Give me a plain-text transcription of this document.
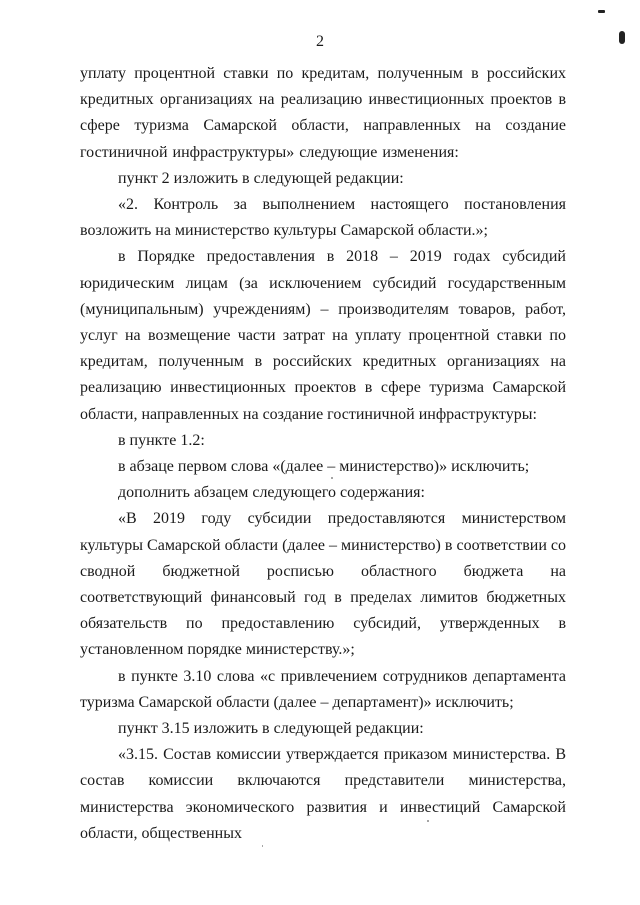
2

уплату процентной ставки по кредитам, полученным в российских кредитных организациях на реализацию инвестиционных проектов в сфере туризма Самарской области, направленных на создание гостиничной инфраструктуры» следующие изменения:

пункт 2 изложить в следующей редакции:

«2. Контроль за выполнением настоящего постановления возложить на министерство культуры Самарской области.»;

в Порядке предоставления в 2018 – 2019 годах субсидий юридическим лицам (за исключением субсидий государственным (муниципальным) учреждениям) – производителям товаров, работ, услуг на возмещение части затрат на уплату процентной ставки по кредитам, полученным в российских кредитных организациях на реализацию инвестиционных проектов в сфере туризма Самарской области, направленных на создание гостиничной инфраструктуры:

в пункте 1.2:

в абзаце первом слова «(далее – министерство)» исключить;

дополнить абзацем следующего содержания:

«В 2019 году субсидии предоставляются министерством культуры Самарской области (далее – министерство) в соответствии со сводной бюджетной росписью областного бюджета на соответствующий финансовый год в пределах лимитов бюджетных обязательств по предоставлению субсидий, утвержденных в установленном порядке министерству.»;

в пункте 3.10 слова «с привлечением сотрудников департамента туризма Самарской области (далее – департамент)» исключить;

пункт 3.15 изложить в следующей редакции:

«3.15. Состав комиссии утверждается приказом министерства. В состав комиссии включаются представители министерства, министерства экономического развития и инвестиций Самарской области, общественных
